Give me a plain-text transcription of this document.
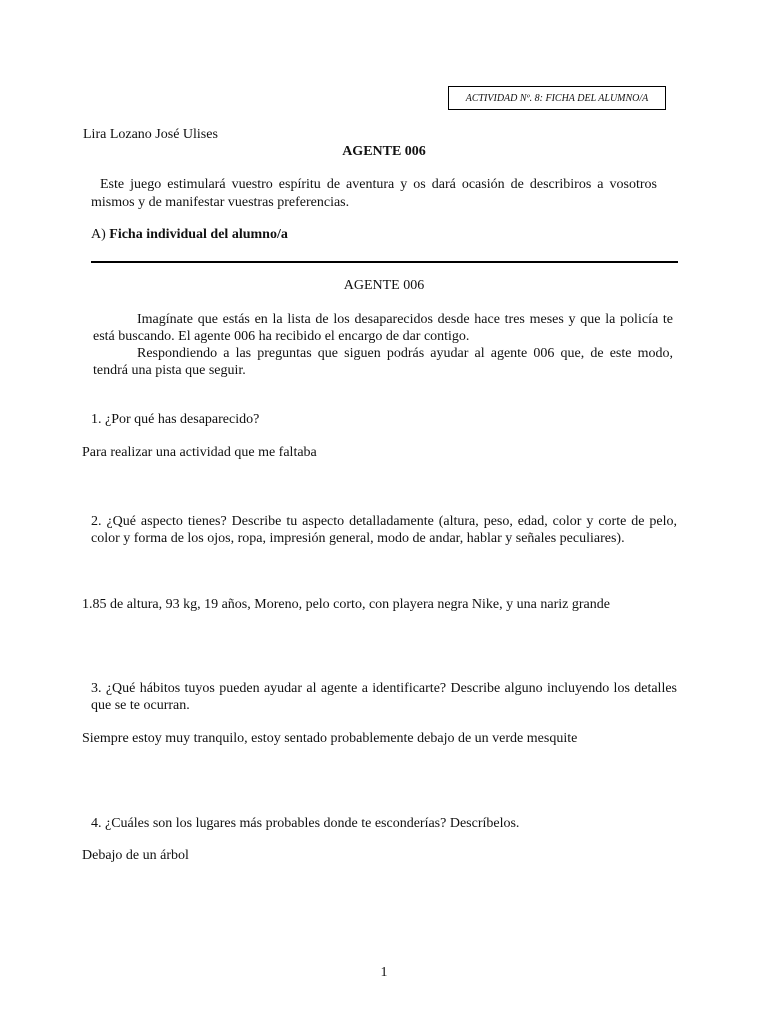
ACTIVIDAD Nº. 8: FICHA DEL ALUMNO/A
Lira Lozano José Ulises
AGENTE 006
Este juego estimulará vuestro espíritu de aventura y os dará ocasión de describiros a vosotros mismos y de manifestar vuestras preferencias.
A) Ficha individual del alumno/a
AGENTE 006
Imagínate que estás en la lista de los desaparecidos desde hace tres meses y que la policía te está buscando. El agente 006 ha recibido el encargo de dar contigo.
Respondiendo a las preguntas que siguen podrás ayudar al agente 006 que, de este modo, tendrá una pista que seguir.
1. ¿Por qué has desaparecido?
Para realizar una actividad que me faltaba
2. ¿Qué aspecto tienes? Describe tu aspecto detalladamente (altura, peso, edad, color y corte de pelo, color y forma de los ojos, ropa, impresión general, modo de andar, hablar y señales peculiares).
1.85 de altura, 93 kg, 19 años, Moreno, pelo corto, con playera negra Nike, y una nariz grande
3. ¿Qué hábitos tuyos pueden ayudar al agente a identificarte? Describe alguno incluyendo los detalles que se te ocurran.
Siempre estoy muy tranquilo, estoy sentado probablemente debajo de un verde mesquite
4. ¿Cuáles son los lugares más probables donde te esconderías? Descríbelos.
Debajo de un árbol
1
